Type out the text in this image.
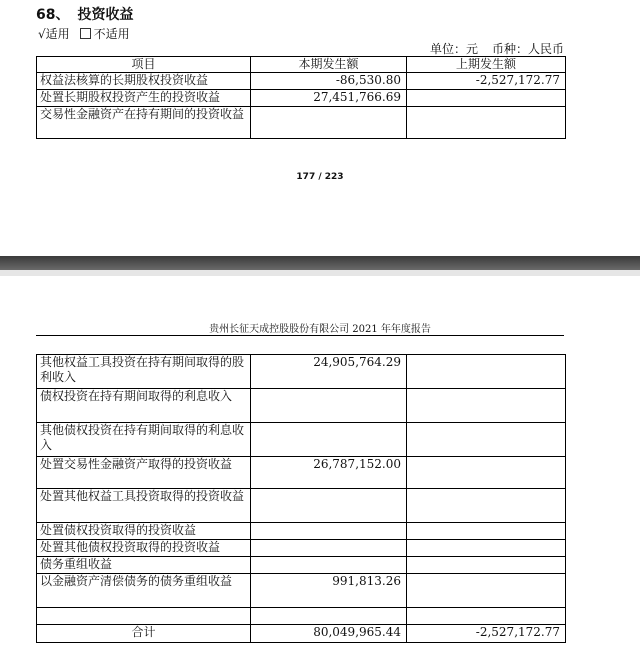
68、 投资收益
√适用 不适用
单位：元 币种：人民币
项目	本期发生额	上期发生额
权益法核算的长期股权投资收益	-86,530.80	-2,527,172.77
处置长期股权投资产生的投资收益	27,451,766.69	
交易性金融资产在持有期间的投资收益		
177 / 223
贵州长征天成控股股份有限公司 2021 年年度报告
其他权益工具投资在持有期间取得的股利收入	24,905,764.29	
债权投资在持有期间取得的利息收入		
其他债权投资在持有期间取得的利息收入		
处置交易性金融资产取得的投资收益	26,787,152.00	
处置其他权益工具投资取得的投资收益		
处置债权投资取得的投资收益		
处置其他债权投资取得的投资收益		
债务重组收益		
以金融资产清偿债务的债务重组收益	991,813.26	

合计	80,049,965.44	-2,527,172.77
